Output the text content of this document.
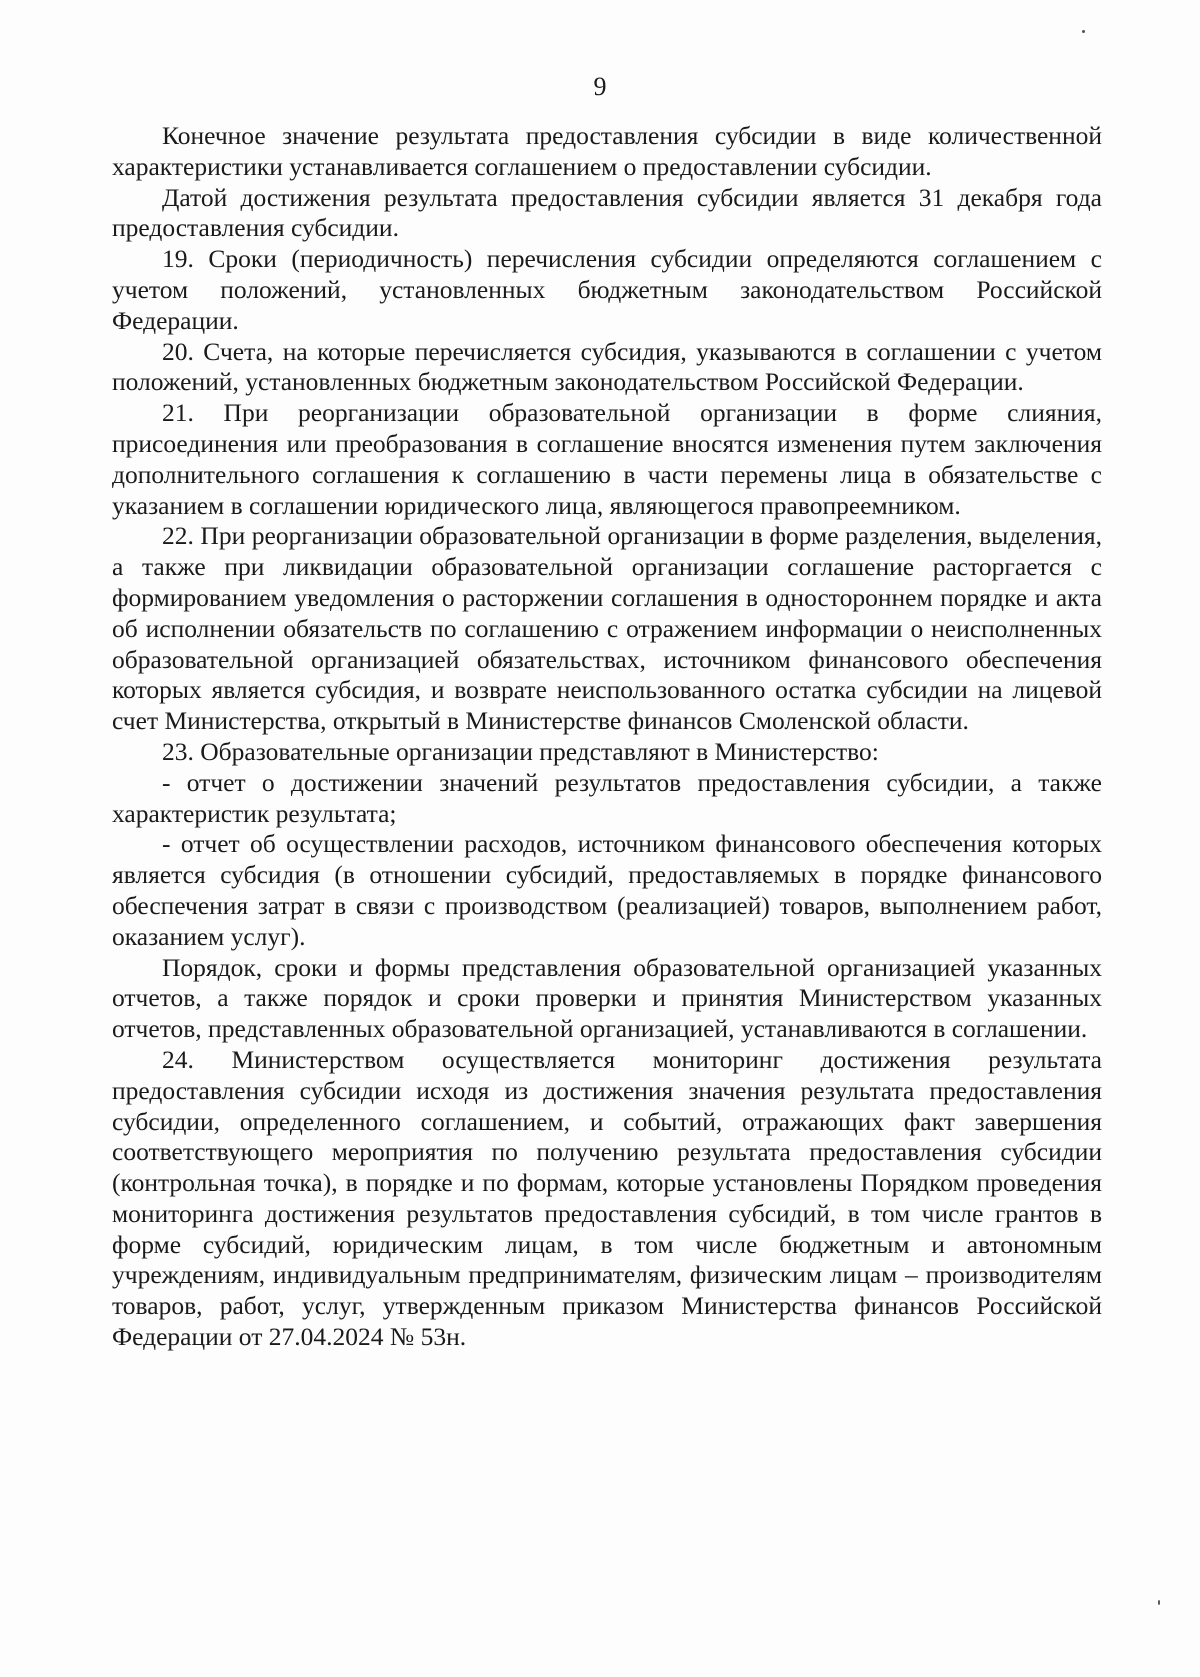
9

Конечное значение результата предоставления субсидии в виде количественной характеристики устанавливается соглашением о предоставлении субсидии.

Датой достижения результата предоставления субсидии является 31 декабря года предоставления субсидии.

19. Сроки (периодичность) перечисления субсидии определяются соглашением с учетом положений, установленных бюджетным законодательством Российской Федерации.

20. Счета, на которые перечисляется субсидия, указываются в соглашении с учетом положений, установленных бюджетным законодательством Российской Федерации.

21. При реорганизации образовательной организации в форме слияния, присоединения или преобразования в соглашение вносятся изменения путем заключения дополнительного соглашения к соглашению в части перемены лица в обязательстве с указанием в соглашении юридического лица, являющегося правопреемником.

22. При реорганизации образовательной организации в форме разделения, выделения, а также при ликвидации образовательной организации соглашение расторгается с формированием уведомления о расторжении соглашения в одностороннем порядке и акта об исполнении обязательств по соглашению с отражением информации о неисполненных образовательной организацией обязательствах, источником финансового обеспечения которых является субсидия, и возврате неиспользованного остатка субсидии на лицевой счет Министерства, открытый в Министерстве финансов Смоленской области.

23. Образовательные организации представляют в Министерство:

- отчет о достижении значений результатов предоставления субсидии, а также характеристик результата;

- отчет об осуществлении расходов, источником финансового обеспечения которых является субсидия (в отношении субсидий, предоставляемых в порядке финансового обеспечения затрат в связи с производством (реализацией) товаров, выполнением работ, оказанием услуг).

Порядок, сроки и формы представления образовательной организацией указанных отчетов, а также порядок и сроки проверки и принятия Министерством указанных отчетов, представленных образовательной организацией, устанавливаются в соглашении.

24. Министерством осуществляется мониторинг достижения результата предоставления субсидии исходя из достижения значения результата предоставления субсидии, определенного соглашением, и событий, отражающих факт завершения соответствующего мероприятия по получению результата предоставления субсидии (контрольная точка), в порядке и по формам, которые установлены Порядком проведения мониторинга достижения результатов предоставления субсидий, в том числе грантов в форме субсидий, юридическим лицам, в том числе бюджетным и автономным учреждениям, индивидуальным предпринимателям, физическим лицам – производителям товаров, работ, услуг, утвержденным приказом Министерства финансов Российской Федерации от 27.04.2024 № 53н.
